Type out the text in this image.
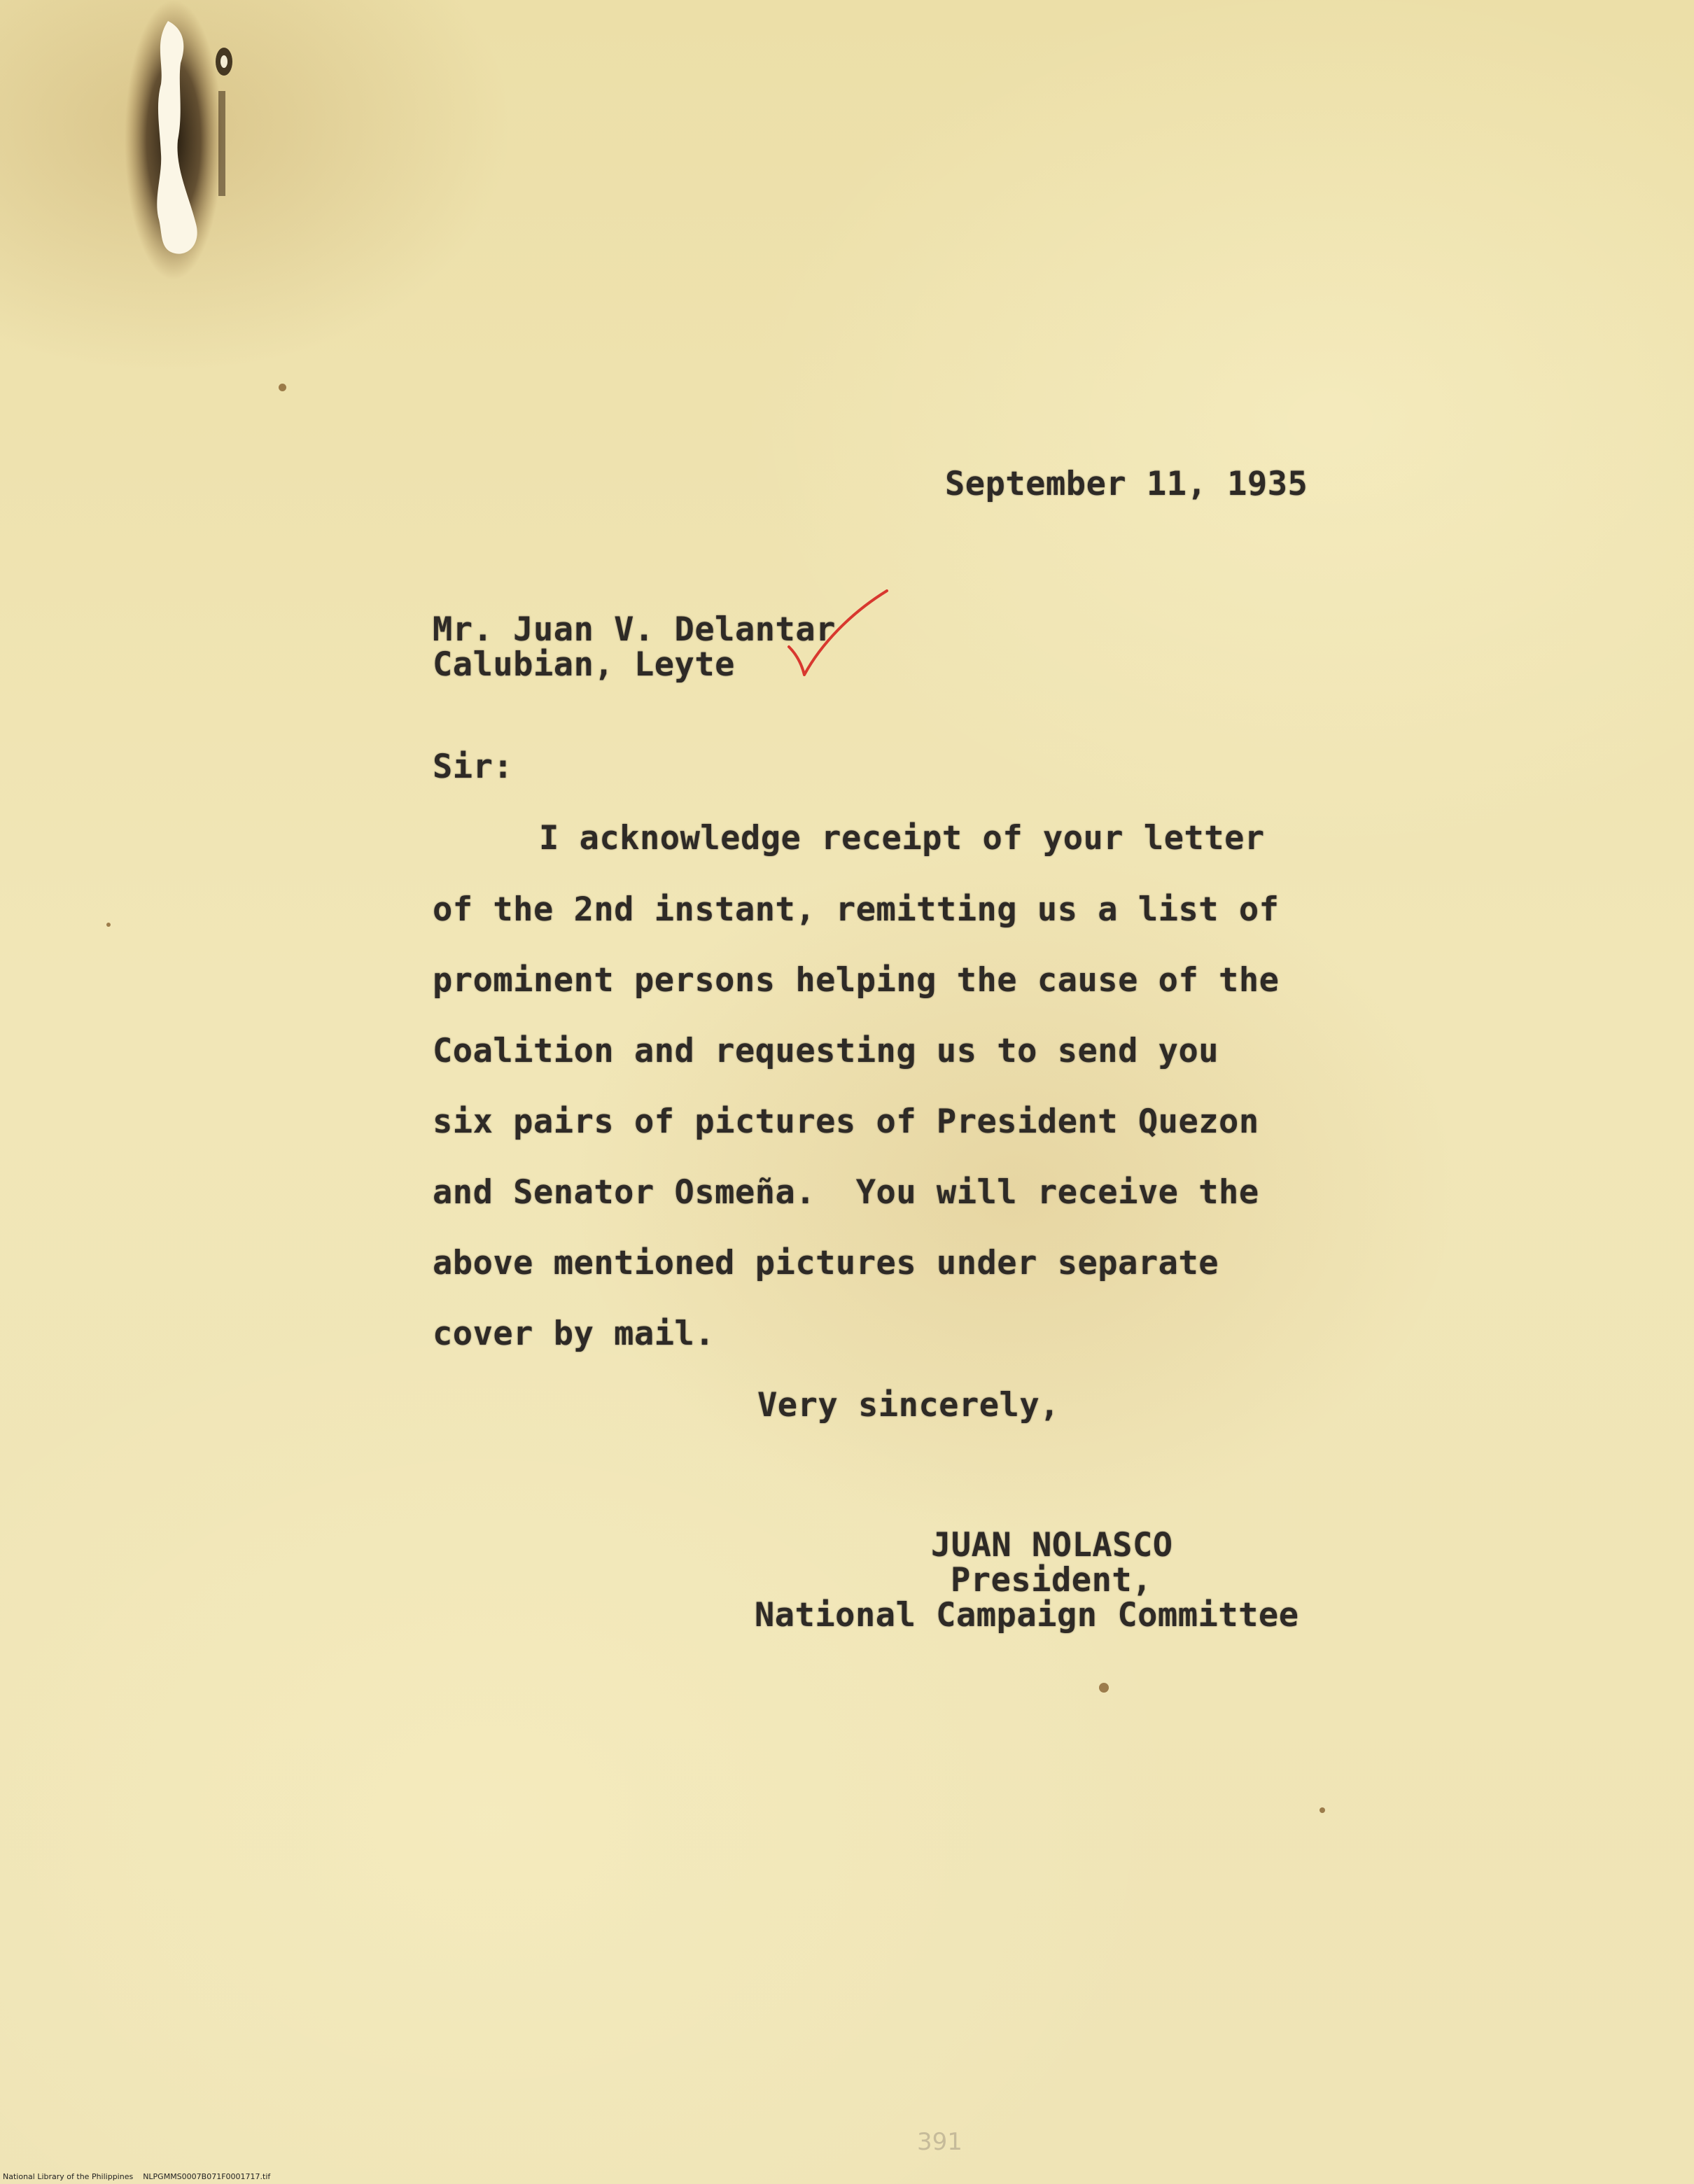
September 11, 1935

Mr. Juan V. Delantar

Calubian, Leyte

Sir:

I acknowledge receipt of your letter

of the 2nd instant, remitting us a list of

prominent persons helping the cause of the

Coalition and requesting us to send you

six pairs of pictures of President Quezon

and Senator Osmeña.  You will receive the

above mentioned pictures under separate

cover by mail.

Very sincerely,

JUAN NOLASCO

President,

National Campaign Committee

391

National Library of the Philippines    NLPGMMS0007B071F0001717.tif
